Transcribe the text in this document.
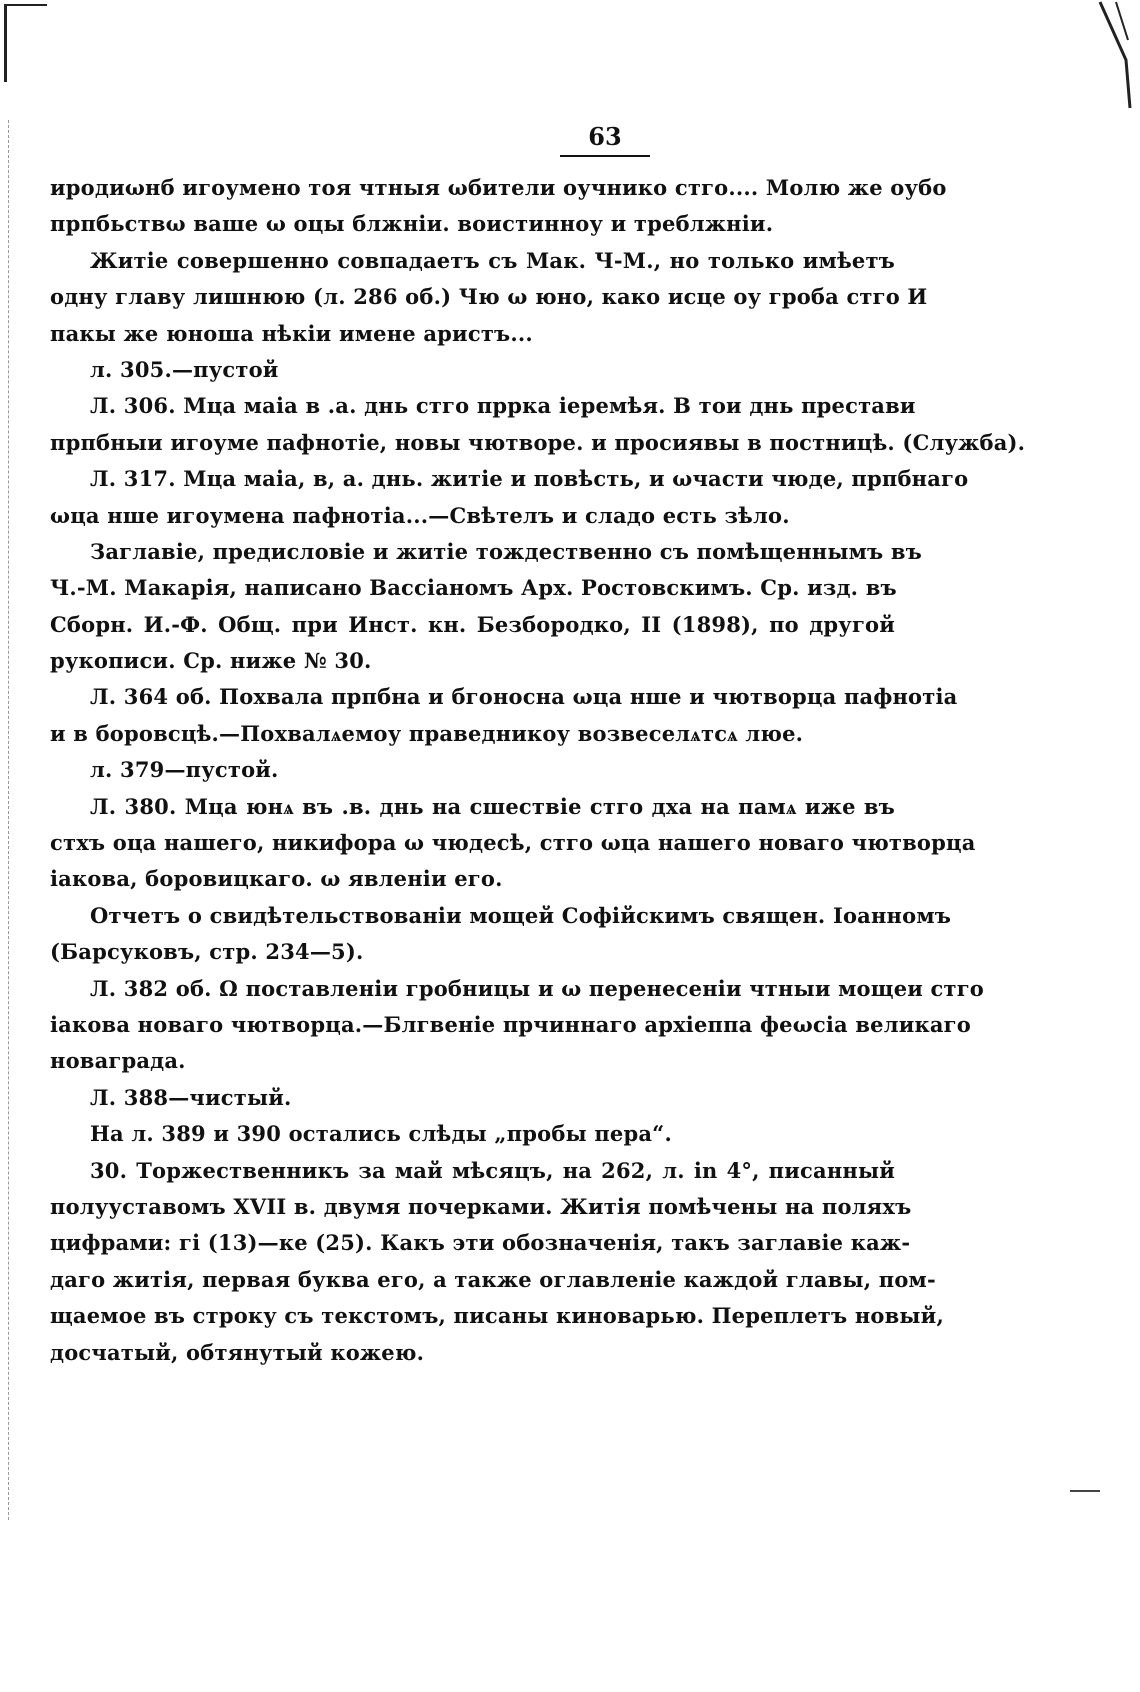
63
иродиωнб игоумено тоя чтныя ωбители оучнико стго.... Молю же оубо
прпбьствω ваше ω оцы блжнiи. воистиннοу и треблжнiи.
Житiе совершенно совпадаетъ съ Мак. Ч-М., но только имѣетъ
одну главу лишнюю (л. 286 об.) Чю ω юно, како исце оу гроба стго И
пакы же юноша нѣкiи имене аристъ...
л. 305.—пустой
Л. 306. Мца маia в .а. днь стго пррка iеремѣя. В тои днь престави
прпбныи игоуме пафнотiе, новы чютворе. и просиявы в постницѣ. (Служба).
Л. 317. Мца маiа, в, а. днь. житiе и повѣсть, и ωчасти чюде, прпбнаго
ωца нше игоумена пафнотiа...—Свѣтелъ и сладо есть зѣло.
Заглавiе, предисловiе и житiе тождественно съ помѣщеннымъ въ
Ч.-М. Макарiя, написано Вассiаномъ Арх. Ростовскимъ. Ср. изд. въ
Сборн. И.-Ф. Общ. при Инст. кн. Безбородко, II (1898), по другой
рукописи. Ср. ниже № 30.
Л. 364 об. Похвала прпбна и бгоносна ωца нше и чютворца пафнотiа
и в боровсцѣ.—Похвалѧемоу праведникоу возвеселѧтсѧ люе.
л. 379—пустой.
Л. 380. Мца юнѧ въ .в. днь на сшествiе стго дха на памѧ иже въ
стхъ оца нашего, никифора ω чюдесѣ, стго ωца нашего новаго чютворца
iакова, боровицкаго. ω явленiи его.
Отчетъ о свидѣтельствованiи мощей Софiйскимъ священ. Iоанномъ
(Барсуковъ, стр. 234—5).
Л. 382 об. Ω поставленiи гробницы и ω перенесенiи чтныи мощеи стго
iакова новаго чютворца.—Блгвенiе прчиннаго архiеппа феωсiа великаго
новаграда.
Л. 388—чистый.
На л. 389 и 390 остались слѣды „пробы пера“.
30. Торжественникъ за май мѣсяцъ, на 262, л. in 4°, писанный
полууставомъ XVII в. двумя почерками. Житiя помѣчены на поляхъ
цифрами: гi (13)—ке (25). Какъ эти обозначенiя, такъ заглавiе каж-
даго житiя, первая буква его, а также оглавленiе каждой главы, пом-
щаемое въ строку съ текстомъ, писаны киноварью. Переплетъ новый,
досчатый, обтянутый кожею.
